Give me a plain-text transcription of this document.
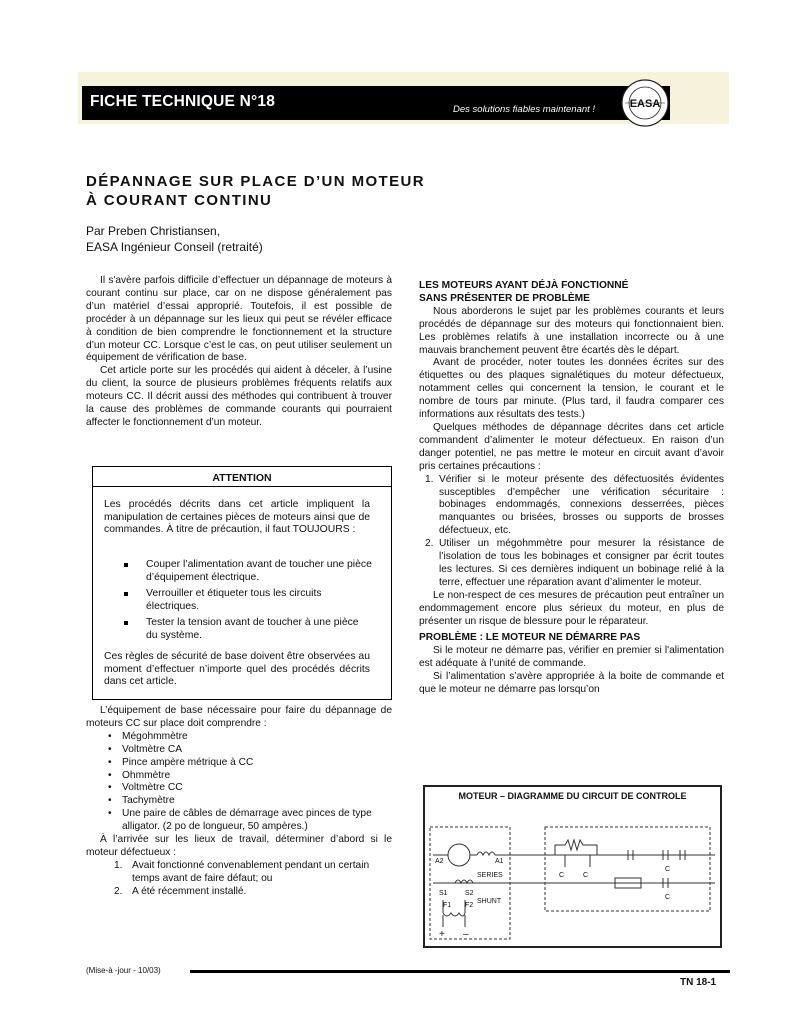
FICHE TECHNIQUE N°18	Des solutions fiables maintenant !	EASA
DÉPANNAGE SUR PLACE D’UN MOTEUR
À COURANT CONTINU
Par Preben Christiansen,
EASA Ingénieur Conseil (retraité)

Il s'avère parfois difficile d’effectuer un dépannage de moteurs à courant continu sur place, car on ne dispose généralement pas d’un matériel d’essai approprié. Toutefois, il est possible de procéder à un dépannage sur les lieux qui peut se révéler efficace à condition de bien comprendre le fonctionnement et la structure d’un moteur CC. Lorsque c’est le cas, on peut utiliser seulement un équipement de vérification de base.

Cet article porte sur les procédés qui aident à déceler, à l’usine du client, la source de plusieurs problèmes fréquents relatifs aux moteurs CC. Il décrit aussi des méthodes qui contribuent à trouver la cause des problèmes de commande courants qui pourraient affecter le fonctionnement d’un moteur.

ATTENTION
Les procédés décrits dans cet article impliquent la manipulation de certaines pièces de moteurs ainsi que de commandes. À titre de précaution, il faut TOUJOURS :
Couper l’alimentation avant de toucher une pièce d’équipement électrique.
Verrouiller et étiqueter tous les circuits électriques.
Tester la tension avant de toucher à une pièce du système.
Ces règles de sécurité de base doivent être observées au moment d’effectuer n’importe quel des procédés décrits dans cet article.

L’équipement de base nécessaire pour faire du dépannage de moteurs CC sur place doit comprendre :

• Mégohmmètre
• Voltmètre CA
• Pince ampère métrique à CC
• Ohmmètre
• Voltmètre CC
• Tachymètre
• Une paire de câbles de démarrage avec pinces de type alligator. (2 po de longueur, 50 ampères.)

À l’arrivée sur les lieux de travail, déterminer d’abord si le moteur défectueux :

1. Avait fonctionné convenablement pendant un certain temps avant de faire défaut; ou
2. A été récemment installé.
LES MOTEURS AYANT DÉJÀ FONCTIONNÉ
SANS PRÉSENTER DE PROBLÈME

Nous aborderons le sujet par les problèmes courants et leurs procédés de dépannage sur des moteurs qui fonctionnaient bien. Les problèmes relatifs à une installation incorrecte ou à une mauvais branchement peuvent être écartés dès le départ.

Avant de procéder, noter toutes les données écrites sur des étiquettes ou des plaques signalétiques du moteur défectueux, notamment celles qui concernent la tension, le courant et le nombre de tours par minute. (Plus tard, il faudra comparer ces informations aux résultats des tests.)

Quelques méthodes de dépannage décrites dans cet article commandent d’alimenter le moteur défectueux. En raison d’un danger potentiel, ne pas mettre le moteur en circuit avant d’avoir pris certaines précautions :

1. Vérifier si le moteur présente des défectuosités évidentes susceptibles d’empêcher une vérification sécuritaire : bobinages endommagés, connexions desserrées, pièces manquantes ou brisées, brosses ou supports de brosses défectueux, etc.
2. Utiliser un mégohmmètre pour mesurer la résistance de l’isolation de tous les bobinages et consigner par écrit toutes les lectures. Si ces dernières indiquent un bobinage relié à la terre, effectuer une réparation avant d’alimenter le moteur.

Le non-respect de ces mesures de précaution peut entraîner un endommagement encore plus sérieux du moteur, en plus de présenter un risque de blessure pour le réparateur.

PROBLÈME : LE MOTEUR NE DÉMARRE PAS

Si le moteur ne démarre pas, vérifier en premier si l'alimentation est adéquate à l’unité de commande.

Si l’alimentation s’avère appropriée à la boite de commande et que le moteur ne démarre pas lorsqu’on

MOTEUR – DIAGRAMME DU CIRCUIT DE CONTROLE
A2	A1
SERIES
S1 S2
SHUNT
F1 F2
C	C
C
C
+ –
(Mise-à -jour - 10/03)
TN 18-1
